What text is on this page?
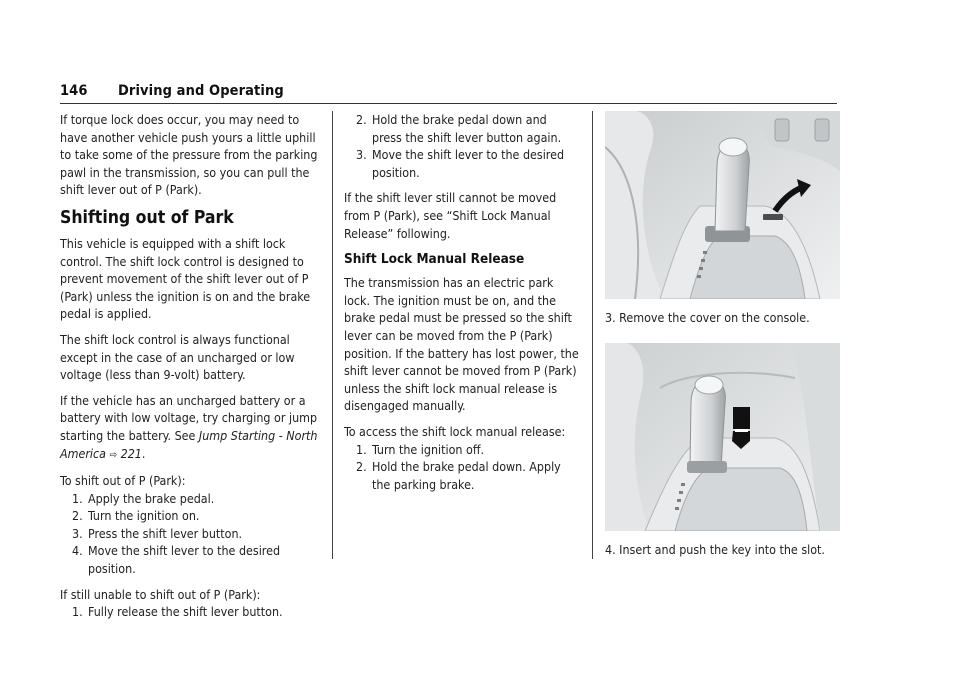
146 Driving and Operating

If torque lock does occur, you may need to have another vehicle push yours a little uphill to take some of the pressure from the parking pawl in the transmission, so you can pull the shift lever out of P (Park).

Shifting out of Park

This vehicle is equipped with a shift lock control. The shift lock control is designed to prevent movement of the shift lever out of P (Park) unless the ignition is on and the brake pedal is applied.

The shift lock control is always functional except in the case of an uncharged or low voltage (less than 9-volt) battery.

If the vehicle has an uncharged battery or a battery with low voltage, try charging or jump starting the battery. See Jump Starting - North America ⇨ 221.

To shift out of P (Park):

1. Apply the brake pedal.
2. Turn the ignition on.
3. Press the shift lever button.
4. Move the shift lever to the desired position.

If still unable to shift out of P (Park):

1. Fully release the shift lever button.
2. Hold the brake pedal down and press the shift lever button again.
3. Move the shift lever to the desired position.

If the shift lever still cannot be moved from P (Park), see “Shift Lock Manual Release” following.

Shift Lock Manual Release

The transmission has an electric park lock. The ignition must be on, and the brake pedal must be pressed so the shift lever can be moved from the P (Park) position. If the battery has lost power, the shift lever cannot be moved from P (Park) unless the shift lock manual release is disengaged manually.

To access the shift lock manual release:

1. Turn the ignition off.
2. Hold the brake pedal down. Apply the parking brake.

3. Remove the cover on the console.

4. Insert and push the key into the slot.
